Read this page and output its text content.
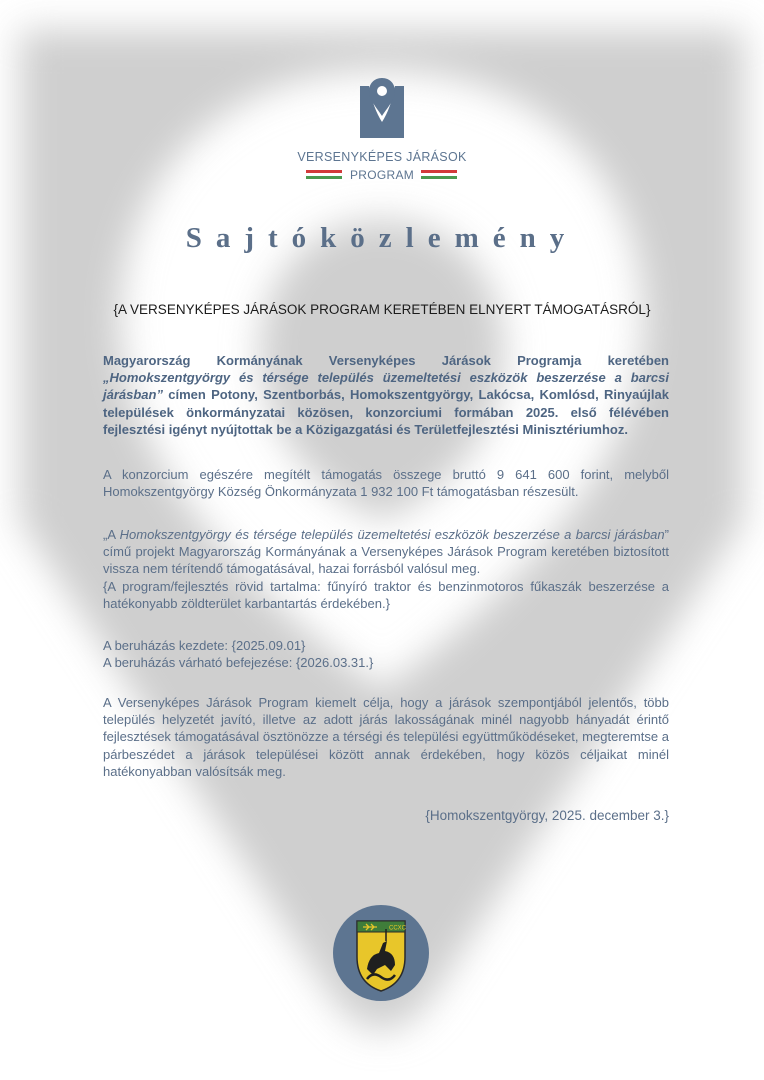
VERSENYKÉPES JÁRÁSOK
PROGRAM
Sajtóközlemény
{A VERSENYKÉPES JÁRÁSOK PROGRAM KERETÉBEN ELNYERT TÁMOGATÁSRÓL}
Magyarország Kormányának Versenyképes Járások Programja keretében „Homokszentgyörgy és térsége település üzemeltetési eszközök beszerzése a barcsi járásban” címen Potony, Szentborbás, Homokszentgyörgy, Lakócsa, Komlósd, Rinyaújlak települések önkormányzatai közösen, konzorciumi formában 2025. első félévében fejlesztési igényt nyújtottak be a Közigazgatási és Területfejlesztési Minisztériumhoz.
A konzorcium egészére megítélt támogatás összege bruttó 9 641 600 forint, melyből Homokszentgyörgy Község Önkormányzata 1 932 100 Ft támogatásban részesült.
„A Homokszentgyörgy és térsége település üzemeltetési eszközök beszerzése a barcsi járásban” című projekt Magyarország Kormányának a Versenyképes Járások Program keretében biztosított vissza nem térítendő támogatásával, hazai forrásból valósul meg.
{A program/fejlesztés rövid tartalma: fűnyíró traktor és benzinmotoros fűkaszák beszerzése a hatékonyabb zöldterület karbantartás érdekében.}
A beruházás kezdete: {2025.09.01}
A beruházás várható befejezése: {2026.03.31.}
A Versenyképes Járások Program kiemelt célja, hogy a járások szempontjából jelentős, több település helyzetét javító, illetve az adott járás lakosságának minél nagyobb hányadát érintő fejlesztések támogatásával ösztönözze a térségi és települési együttműködéseket, megteremtse a párbeszédet a járások települései között annak érdekében, hogy közös céljaikat minél hatékonyabban valósítsák meg.
{Homokszentgyörgy, 2025. december 3.}
CCXC
